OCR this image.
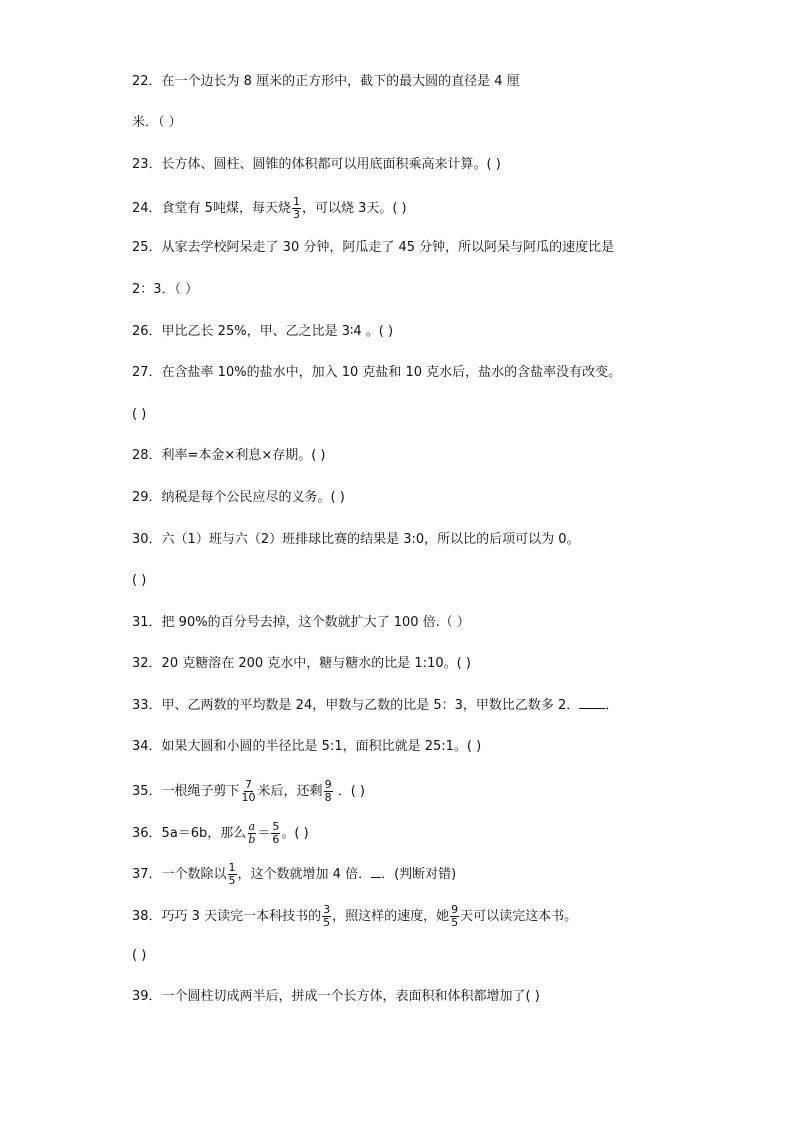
22．在一个边长为 8 厘米的正方形中，截下的最大圆的直径是 4 厘
米．（ ）
23．长方体、圆柱、圆锥的体积都可以用底面积乘高来计算。( )
24．食堂有 5吨煤，每天烧 $\frac{1}{3}$ ，可以烧 3天。( )
25．从家去学校阿呆走了 30 分钟，阿瓜走了 45 分钟，所以阿呆与阿瓜的速度比是
2：3．（ ）
26．甲比乙长 25%，甲、乙之比是 3∶4 。( )
27．在含盐率 10%的盐水中，加入 10 克盐和 10 克水后，盐水的含盐率没有改变。
( )
28．利率=本金×利息×存期。( )
29．纳税是每个公民应尽的义务。( )
30．六（1）班与六（2）班排球比赛的结果是 3:0，所以比的后项可以为 0。
( )
31．把 90%的百分号去掉，这个数就扩大了 100 倍.（ ）
32．20 克糖溶在 200 克水中，糖与糖水的比是 1:10。( )
33．甲、乙两数的平均数是 24，甲数与乙数的比是 5：3，甲数比乙数多 2． ．
34．如果大圆和小圆的半径比是 5:1，面积比就是 25:1。( )
35．一根绳子剪下 $\frac{7}{10}$ 米后，还剩 $\frac{9}{8}$ ．( )
36．5a＝6b，那么 $\frac{a}{b} = \frac{5}{6}$ 。( )
37．一个数除以 $\frac{1}{5}$ ，这个数就增加 4 倍． ．(判断对错)
38．巧巧 3 天读完一本科技书的 $\frac{3}{5}$ ，照这样的速度，她 $\frac{9}{5}$ 天可以读完这本书。
( )
39．一个圆柱切成两半后，拼成一个长方体，表面积和体积都增加了( )
